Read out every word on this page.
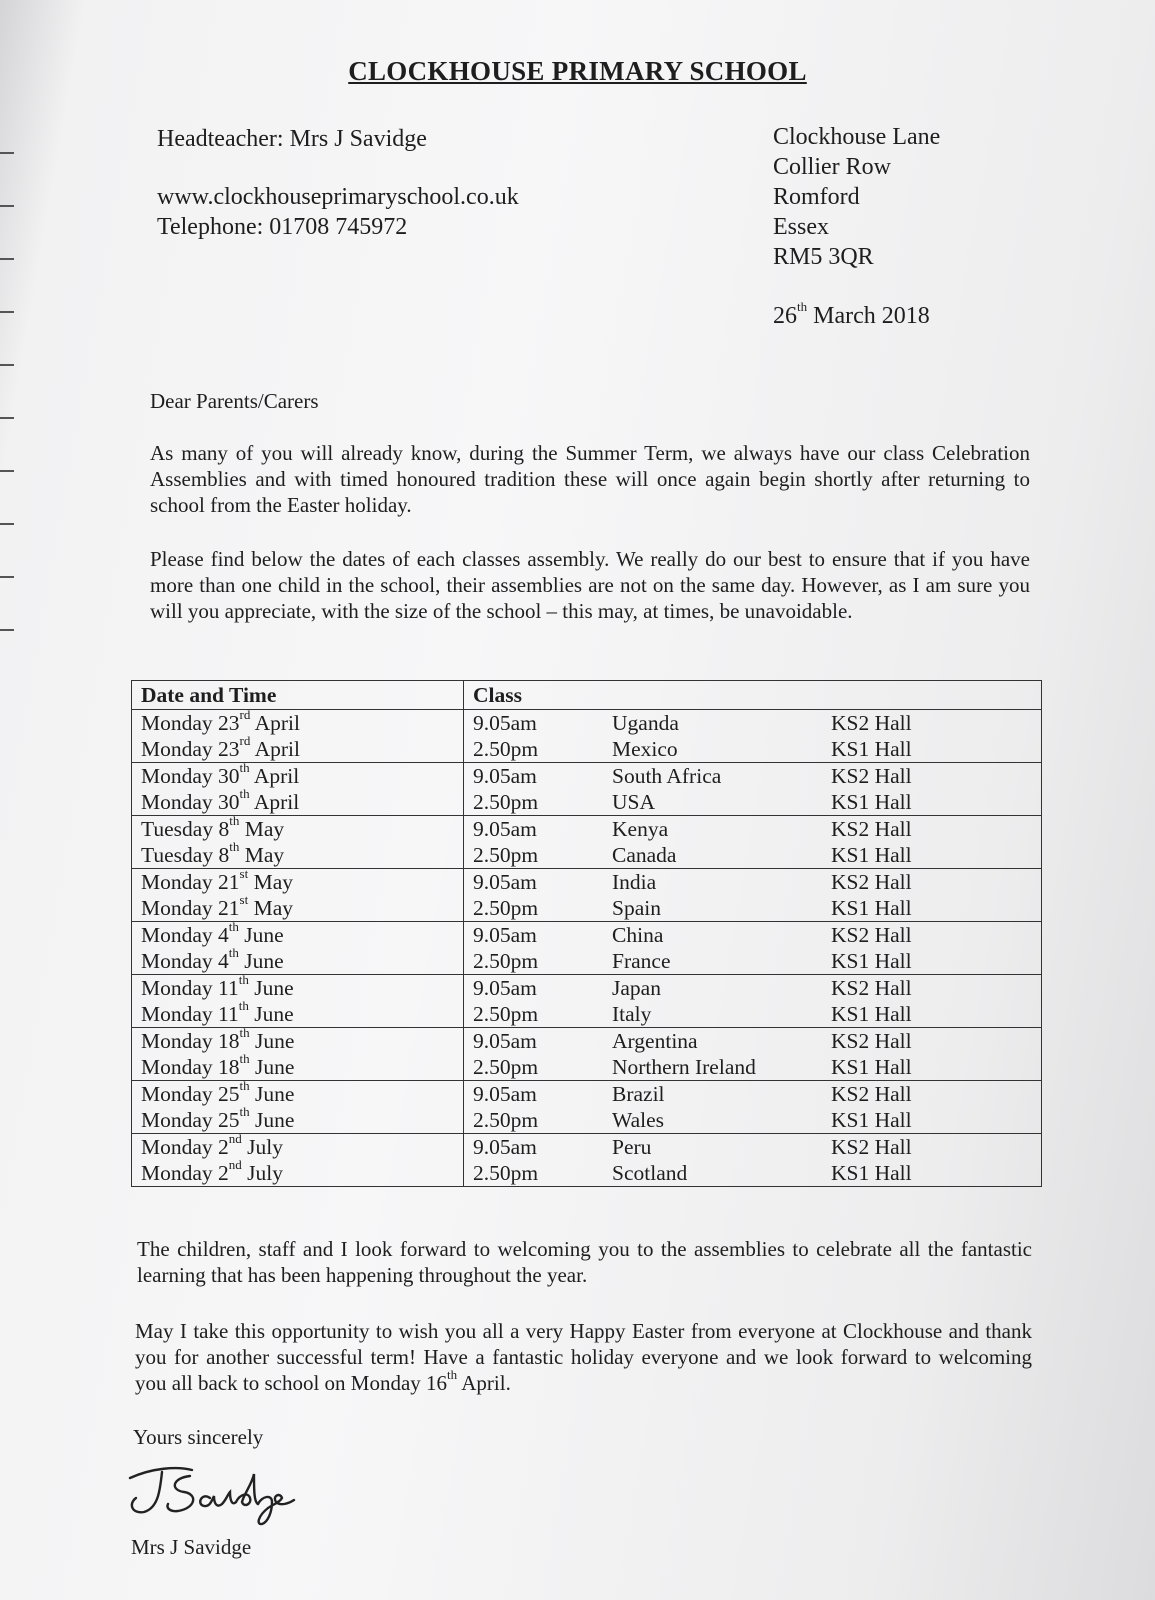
CLOCKHOUSE PRIMARY SCHOOL
Headteacher: Mrs J Savidge
www.clockhouseprimaryschool.co.uk
Telephone: 01708 745972
Clockhouse Lane
Collier Row
Romford
Essex
RM5 3QR
26th March 2018
Dear Parents/Carers
As many of you will already know, during the Summer Term, we always have our class Celebration Assemblies and with timed honoured tradition these will once again begin shortly after returning to school from the Easter holiday.
Please find below the dates of each classes assembly. We really do our best to ensure that if you have more than one child in the school, their assemblies are not on the same day. However, as I am sure you will you appreciate, with the size of the school – this may, at times, be unavoidable.
Date and Time	Class		
Monday 23rd April	9.05am	Uganda	KS2 Hall
Monday 23rd April	2.50pm	Mexico	KS1 Hall
Monday 30th April	9.05am	South Africa	KS2 Hall
Monday 30th April	2.50pm	USA	KS1 Hall
Tuesday 8th May	9.05am	Kenya	KS2 Hall
Tuesday 8th May	2.50pm	Canada	KS1 Hall
Monday 21st May	9.05am	India	KS2 Hall
Monday 21st May	2.50pm	Spain	KS1 Hall
Monday 4th June	9.05am	China	KS2 Hall
Monday 4th June	2.50pm	France	KS1 Hall
Monday 11th June	9.05am	Japan	KS2 Hall
Monday 11th June	2.50pm	Italy	KS1 Hall
Monday 18th June	9.05am	Argentina	KS2 Hall
Monday 18th June	2.50pm	Northern Ireland	KS1 Hall
Monday 25th June	9.05am	Brazil	KS2 Hall
Monday 25th June	2.50pm	Wales	KS1 Hall
Monday 2nd July	9.05am	Peru	KS2 Hall
Monday 2nd July	2.50pm	Scotland	KS1 Hall
The children, staff and I look forward to welcoming you to the assemblies to celebrate all the fantastic learning that has been happening throughout the year.
May I take this opportunity to wish you all a very Happy Easter from everyone at Clockhouse and thank you for another successful term! Have a fantastic holiday everyone and we look forward to welcoming you all back to school on Monday 16th April.
Yours sincerely
JSavidge
Mrs J Savidge
